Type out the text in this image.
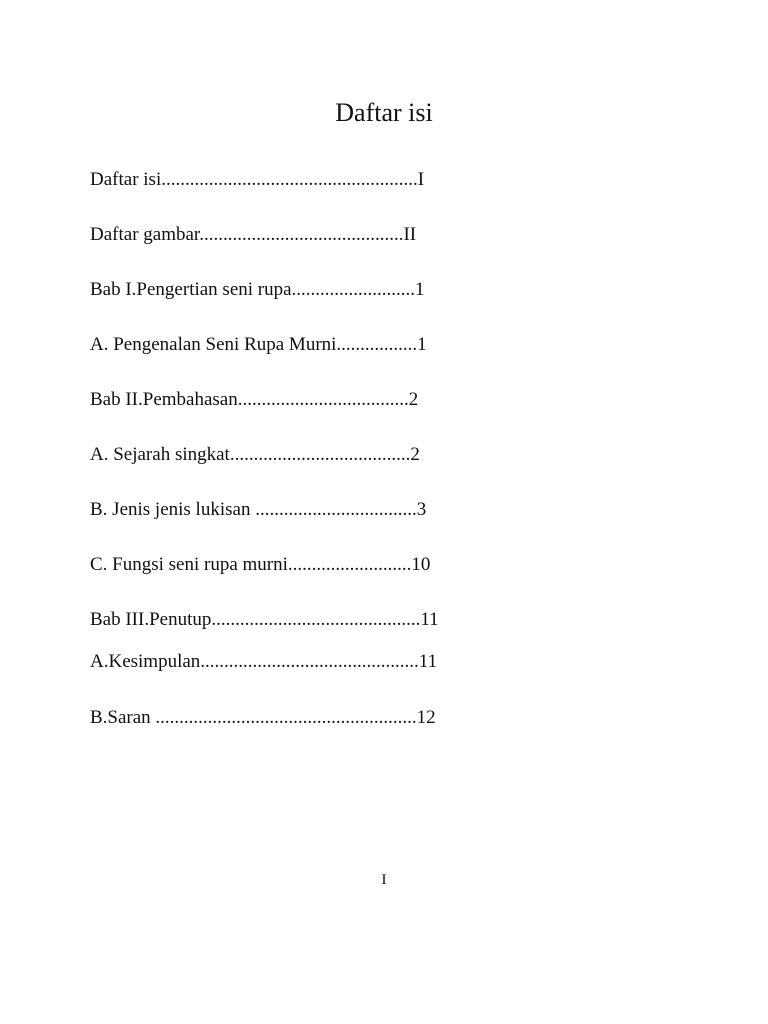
Daftar isi
Daftar isi......................................................I
Daftar gambar...........................................II
Bab I.Pengertian seni rupa..........................1
A. Pengenalan Seni Rupa Murni.................1
Bab II.Pembahasan....................................2
A. Sejarah singkat......................................2
B. Jenis jenis lukisan ..................................3
C. Fungsi seni rupa murni..........................10
Bab III.Penutup............................................11
A.Kesimpulan..............................................11
B.Saran .......................................................12
I
